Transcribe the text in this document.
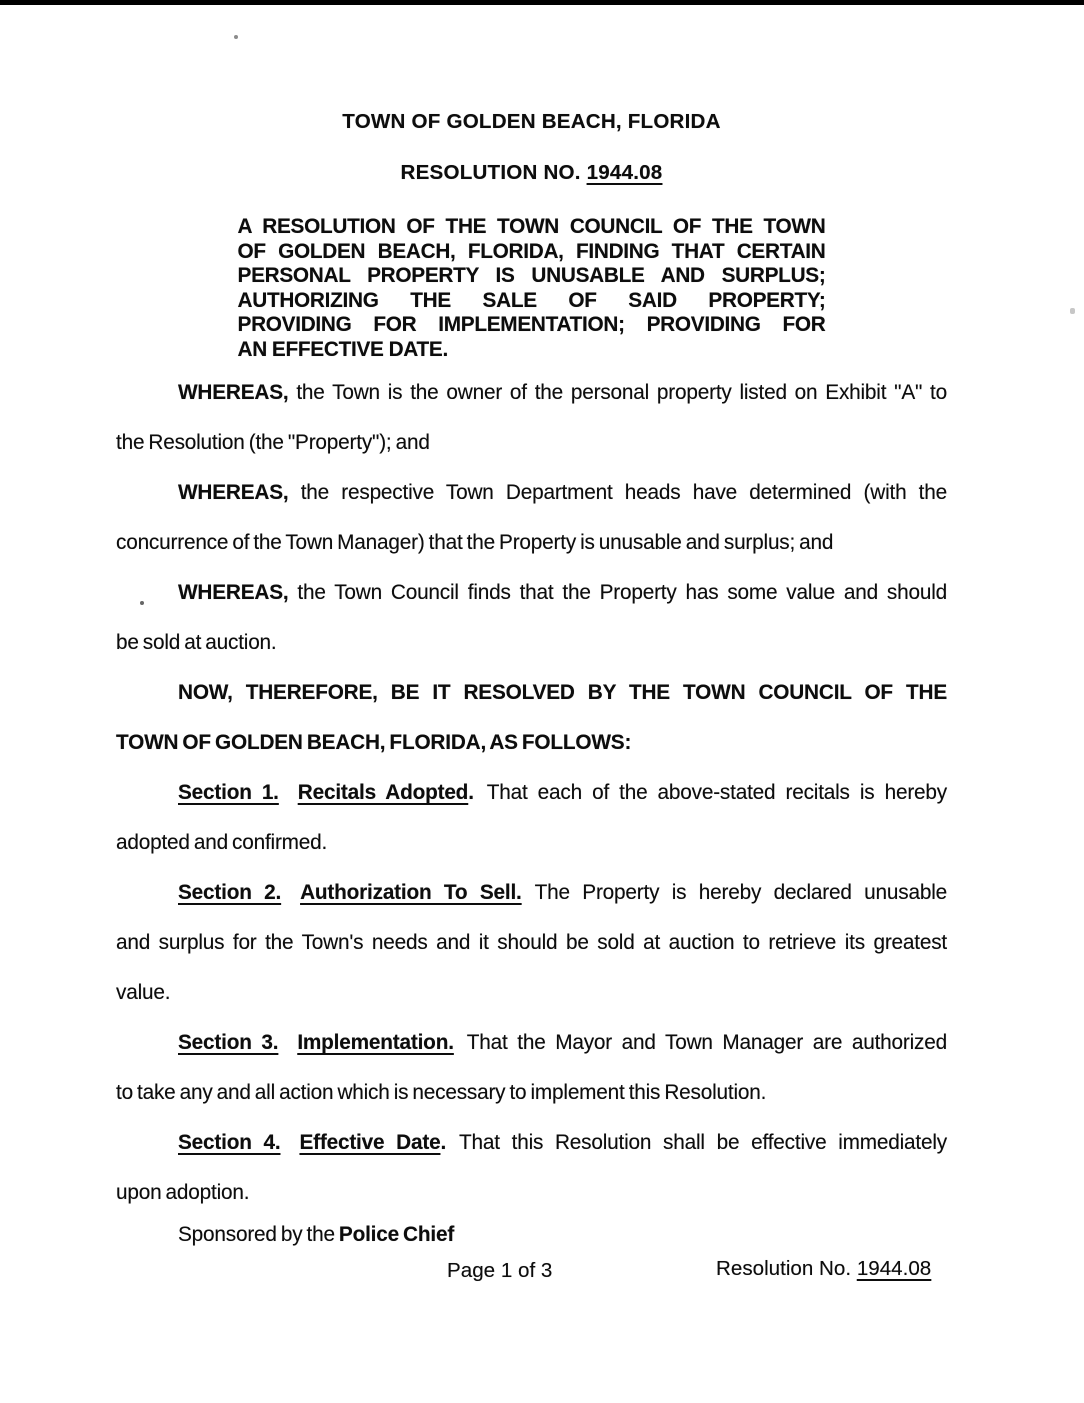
TOWN OF GOLDEN BEACH, FLORIDA
RESOLUTION NO. 1944.08
A RESOLUTION OF THE TOWN COUNCIL OF THE TOWN
OF GOLDEN BEACH, FLORIDA, FINDING THAT CERTAIN
PERSONAL PROPERTY IS UNUSABLE AND SURPLUS;
AUTHORIZING THE SALE OF SAID PROPERTY;
PROVIDING FOR IMPLEMENTATION; PROVIDING FOR
AN EFFECTIVE DATE.
WHEREAS, the Town is the owner of the personal property listed on Exhibit "A" to
the Resolution (the "Property"); and
WHEREAS, the respective Town Department heads have determined (with the
concurrence of the Town Manager) that the Property is unusable and surplus; and
WHEREAS, the Town Council finds that the Property has some value and should
be sold at auction.
NOW, THEREFORE, BE IT RESOLVED BY THE TOWN COUNCIL OF THE
TOWN OF GOLDEN BEACH, FLORIDA, AS FOLLOWS:
Section 1. Recitals Adopted. That each of the above-stated recitals is hereby
adopted and confirmed.
Section 2. Authorization To Sell. The Property is hereby declared unusable
and surplus for the Town's needs and it should be sold at auction to retrieve its greatest
value.
Section 3. Implementation. That the Mayor and Town Manager are authorized
to take any and all action which is necessary to implement this Resolution.
Section 4. Effective Date. That this Resolution shall be effective immediately
upon adoption.
Sponsored by the Police Chief
Page 1 of 3	Resolution No. 1944.08
